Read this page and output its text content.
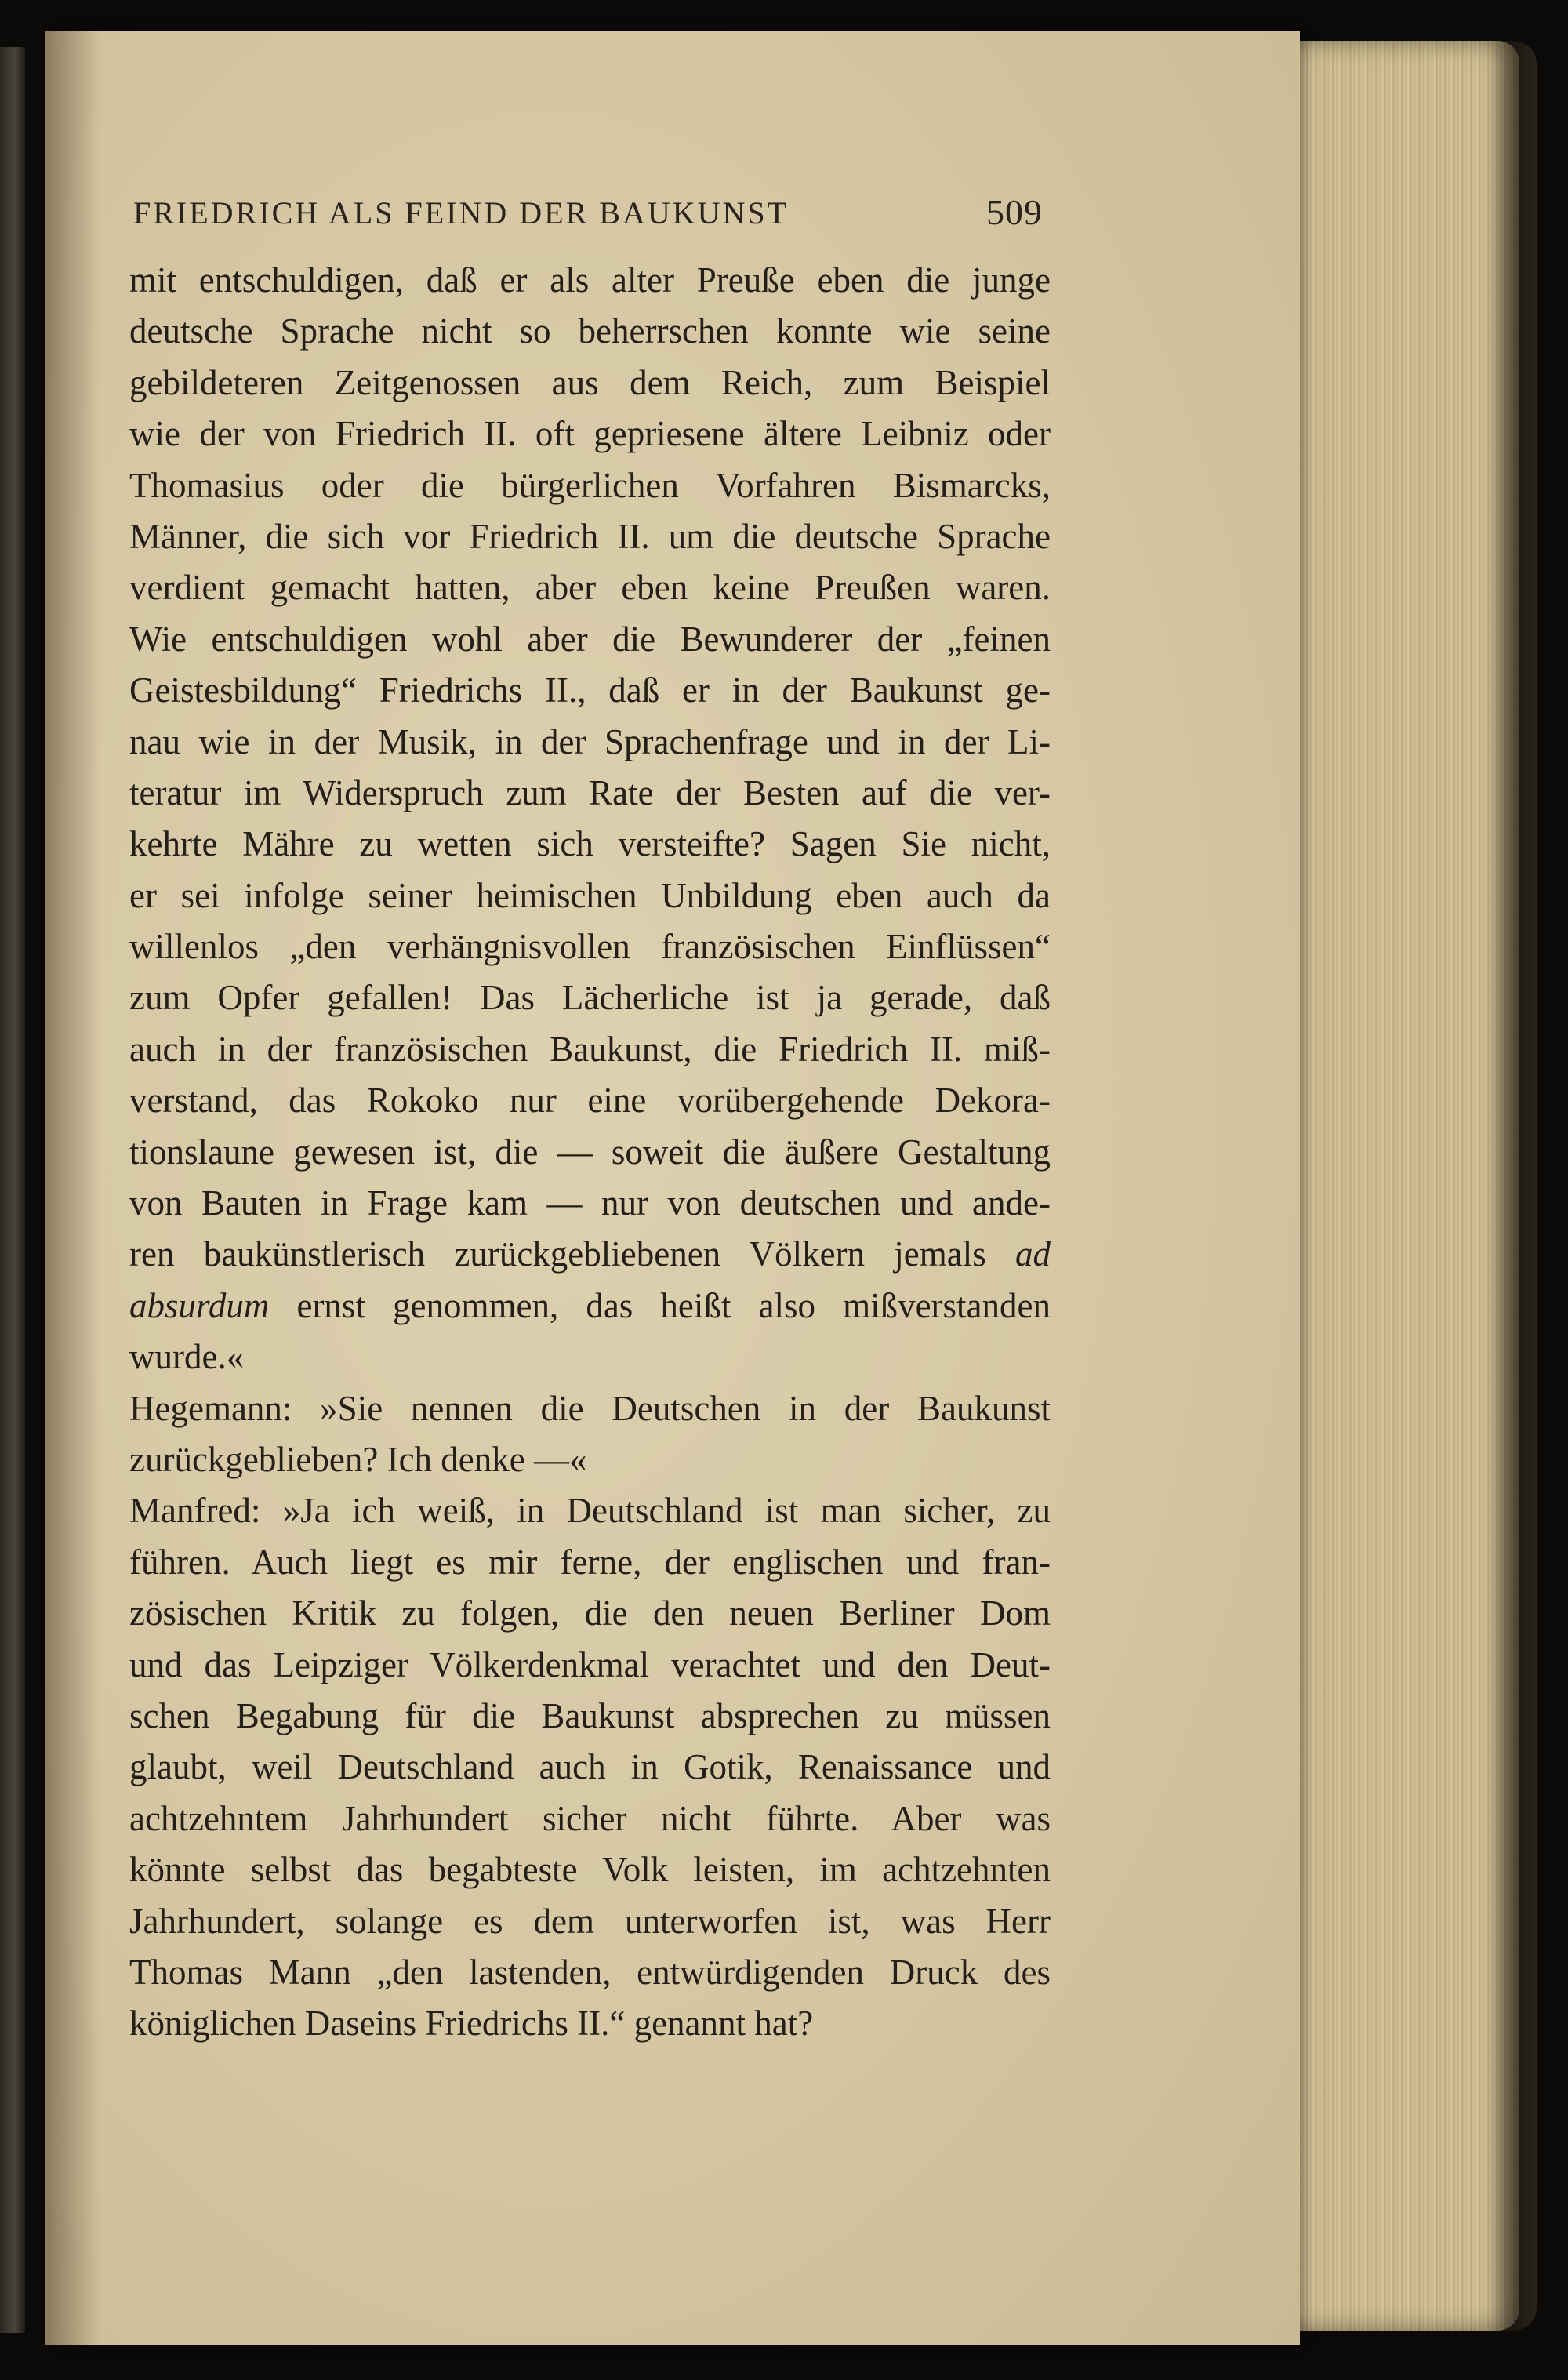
FRIEDRICH ALS FEIND DER BAUKUNST	509
mit entschuldigen, daß er als alter Preuße eben die junge
deutsche Sprache nicht so beherrschen konnte wie seine
gebildeteren Zeitgenossen aus dem Reich, zum Beispiel
wie der von Friedrich II. oft gepriesene ältere Leibniz oder
Thomasius oder die bürgerlichen Vorfahren Bismarcks,
Männer, die sich vor Friedrich II. um die deutsche Sprache
verdient gemacht hatten, aber eben keine Preußen waren.
Wie entschuldigen wohl aber die Bewunderer der „feinen
Geistesbildung“ Friedrichs II., daß er in der Baukunst ge-
nau wie in der Musik, in der Sprachenfrage und in der Li-
teratur im Widerspruch zum Rate der Besten auf die ver-
kehrte Mähre zu wetten sich versteifte? Sagen Sie nicht,
er sei infolge seiner heimischen Unbildung eben auch da
willenlos „den verhängnisvollen französischen Einflüssen“
zum Opfer gefallen! Das Lächerliche ist ja gerade, daß
auch in der französischen Baukunst, die Friedrich II. miß-
verstand, das Rokoko nur eine vorübergehende Dekora-
tionslaune gewesen ist, die — soweit die äußere Gestaltung
von Bauten in Frage kam — nur von deutschen und ande-
ren baukünstlerisch zurückgebliebenen Völkern jemals ad
absurdum ernst genommen, das heißt also mißverstanden
wurde.«
Hegemann: »Sie nennen die Deutschen in der Baukunst
zurückgeblieben? Ich denke —«
Manfred: »Ja ich weiß, in Deutschland ist man sicher, zu
führen. Auch liegt es mir ferne, der englischen und fran-
zösischen Kritik zu folgen, die den neuen Berliner Dom
und das Leipziger Völkerdenkmal verachtet und den Deut-
schen Begabung für die Baukunst absprechen zu müssen
glaubt, weil Deutschland auch in Gotik, Renaissance und
achtzehntem Jahrhundert sicher nicht führte. Aber was
könnte selbst das begabteste Volk leisten, im achtzehnten
Jahrhundert, solange es dem unterworfen ist, was Herr
Thomas Mann „den lastenden, entwürdigenden Druck des
königlichen Daseins Friedrichs II.“ genannt hat?
